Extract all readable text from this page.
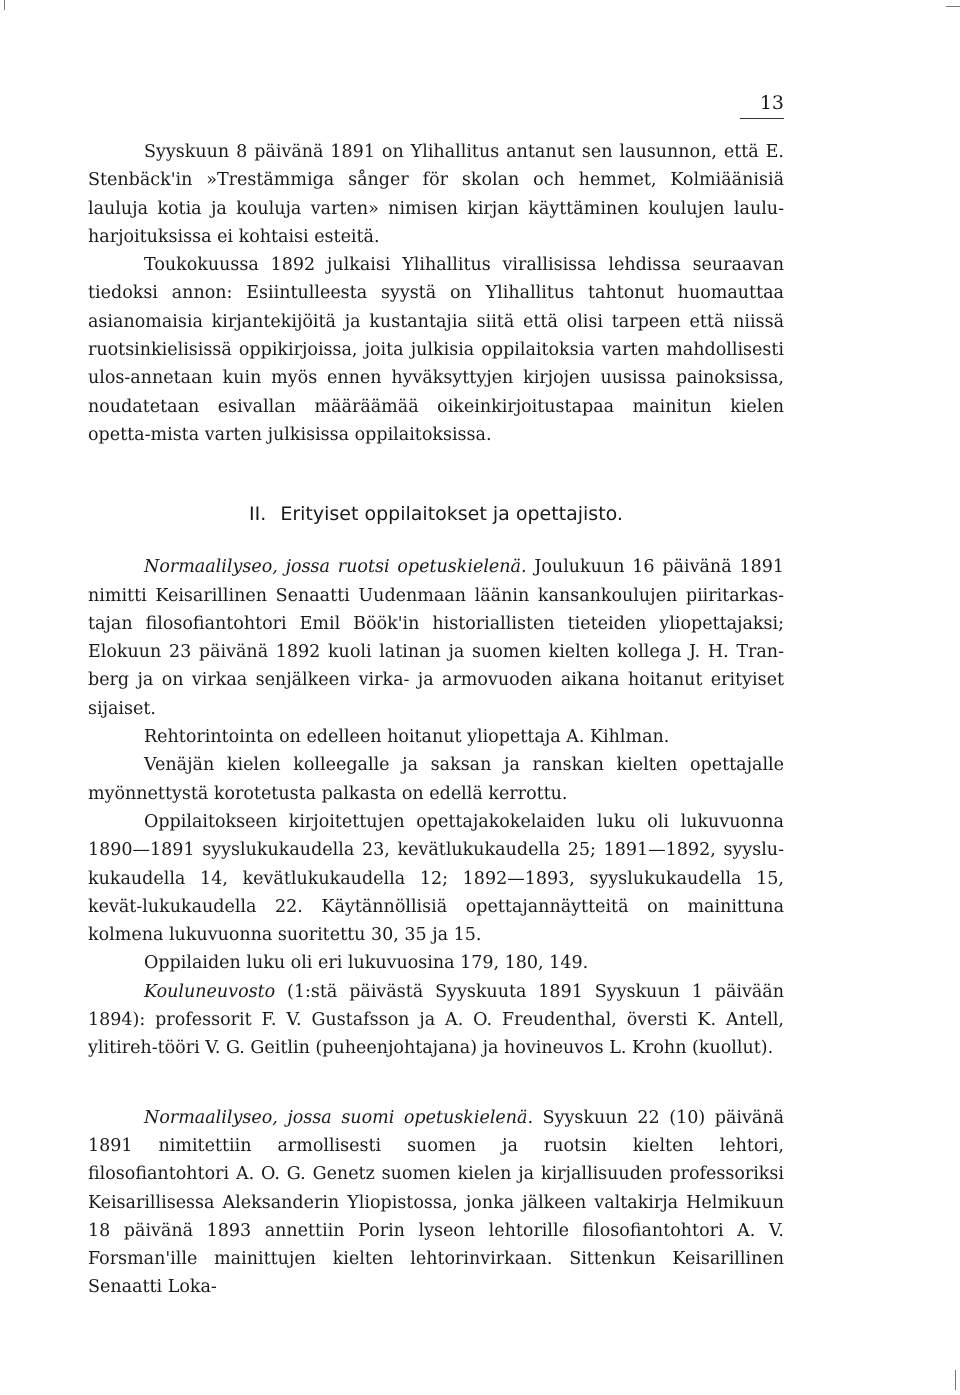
13

Syyskuun 8 päivänä 1891 on Ylihallitus antanut sen lausunnon, että E. Stenbäck'in »Trestämmiga sånger för skolan och hemmet, Kolmiäänisiä lauluja kotia ja kouluja varten» nimisen kirjan käyttäminen koulujen laulu-harjoituksissa ei kohtaisi esteitä.

Toukokuussa 1892 julkaisi Ylihallitus virallisissa lehdissa seuraavan tiedoksi annon: Esiintulleesta syystä on Ylihallitus tahtonut huomauttaa asianomaisia kirjantekijöitä ja kustantajia siitä että olisi tarpeen että niissä ruotsinkielisissä oppikirjoissa, joita julkisia oppilaitoksia varten mahdollisesti ulos-annetaan kuin myös ennen hyväksyttyjen kirjojen uusissa painoksissa, noudatetaan esivallan määräämää oikeinkirjoitustapaa mainitun kielen opetta-mista varten julkisissa oppilaitoksissa.

II. Erityiset oppilaitokset ja opettajisto.

Normaalilyseo, jossa ruotsi opetuskielenä. Joulukuun 16 päivänä 1891 nimitti Keisarillinen Senaatti Uudenmaan läänin kansankoulujen piiritarkas-tajan filosofiantohtori Emil Böök'in historiallisten tieteiden yliopettajaksi; Elokuun 23 päivänä 1892 kuoli latinan ja suomen kielten kollega J. H. Tran-berg ja on virkaa senjälkeen virka- ja armovuoden aikana hoitanut erityiset sijaiset.

Rehtorintointa on edelleen hoitanut yliopettaja A. Kihlman.

Venäjän kielen kolleegalle ja saksan ja ranskan kielten opettajalle myönnettystä korotetusta palkasta on edellä kerrottu.

Oppilaitokseen kirjoitettujen opettajakokelaiden luku oli lukuvuonna 1890—1891 syyslukukaudella 23, kevätlukukaudella 25; 1891—1892, syyslu-kukaudella 14, kevätlukukaudella 12; 1892—1893, syyslukukaudella 15, kevät-lukukaudella 22. Käytännöllisiä opettajannäytteitä on mainittuna kolmena lukuvuonna suoritettu 30, 35 ja 15.

Oppilaiden luku oli eri lukuvuosina 179, 180, 149.

Kouluneuvosto (1:stä päivästä Syyskuuta 1891 Syyskuun 1 päivään 1894): professorit F. V. Gustafsson ja A. O. Freudenthal, översti K. Antell, ylitireh-tööri V. G. Geitlin (puheenjohtajana) ja hovineuvos L. Krohn (kuollut).

Normaalilyseo, jossa suomi opetuskielenä. Syyskuun 22 (10) päivänä 1891 nimitettiin armollisesti suomen ja ruotsin kielten lehtori, filosofiantohtori A. O. G. Genetz suomen kielen ja kirjallisuuden professoriksi Keisarillisessa Aleksanderin Yliopistossa, jonka jälkeen valtakirja Helmikuun 18 päivänä 1893 annettiin Porin lyseon lehtorille filosofiantohtori A. V. Forsman'ille mainittujen kielten lehtorinvirkaan. Sittenkun Keisarillinen Senaatti Loka-
